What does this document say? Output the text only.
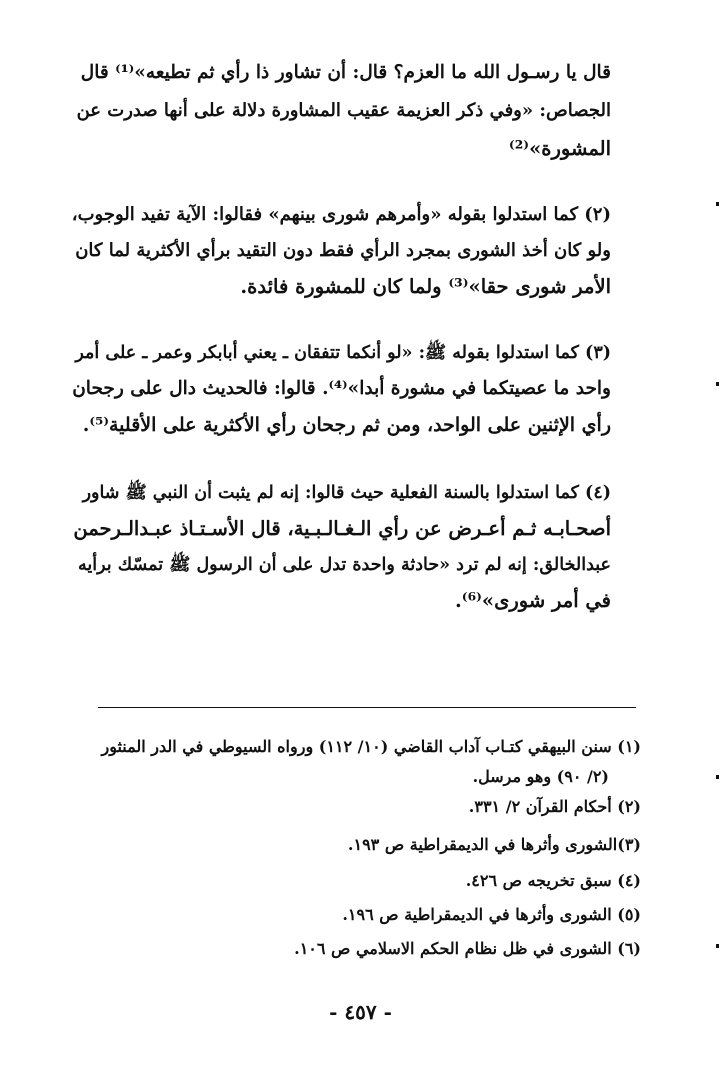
قال يا رسـول الله ما العزم؟ قال: أن تشاور ذا رأي ثم تطيعه»⁽¹⁾ قال
الجصاص: «وفي ذكر العزيمة عقيب المشاورة دلالة على أنها صدرت عن
المشورة»⁽²⁾
(٢) كما استدلوا بقوله «وأمرهم شورى بينهم» فقالوا: الآية تفيد الوجوب،
ولو كان أخذ الشورى بمجرد الرأي فقط دون التقيد برأي الأكثرية لما كان
الأمر شورى حقا»⁽³⁾ ولما كان للمشورة فائدة.
(٣) كما استدلوا بقوله ﷺ: «لو أنكما تتفقان ـ يعني أبابكر وعمر ـ على أمر
واحد ما عصيتكما في مشورة أبدا»⁽⁴⁾. قالوا: فالحديث دال على رجحان
رأي الإثنين على الواحد، ومن ثم رجحان رأي الأكثرية على الأقلية⁽⁵⁾.
(٤) كما استدلوا بالسنة الفعلية حيث قالوا: إنه لم يثبت أن النبي ﷺ شاور
أصحـابـه ثـم أعـرض عن رأي الـغـالـبـية، قال الأسـتـاذ عبـدالـرحمن
عبدالخالق: إنه لم ترد «حادثة واحدة تدل على أن الرسول ﷺ تمسّك برأيه
في أمر شورى»⁽⁶⁾.
(١) سنن البيهقي كتـاب آداب القاضي (١٠/ ١١٢) ورواه السيوطي في الدر المنثور
(٢/ ٩٠) وهو مرسل.
(٢) أحكام القرآن ٢/ ٣٣١.
(٣)الشورى وأثرها في الديمقراطية ص ١٩٣.
(٤) سبق تخريجه ص ٤٢٦.
(٥) الشورى وأثرها في الديمقراطية ص ١٩٦.
(٦) الشورى في ظل نظام الحكم الاسلامي ص ١٠٦.
- ٤٥٧ -
